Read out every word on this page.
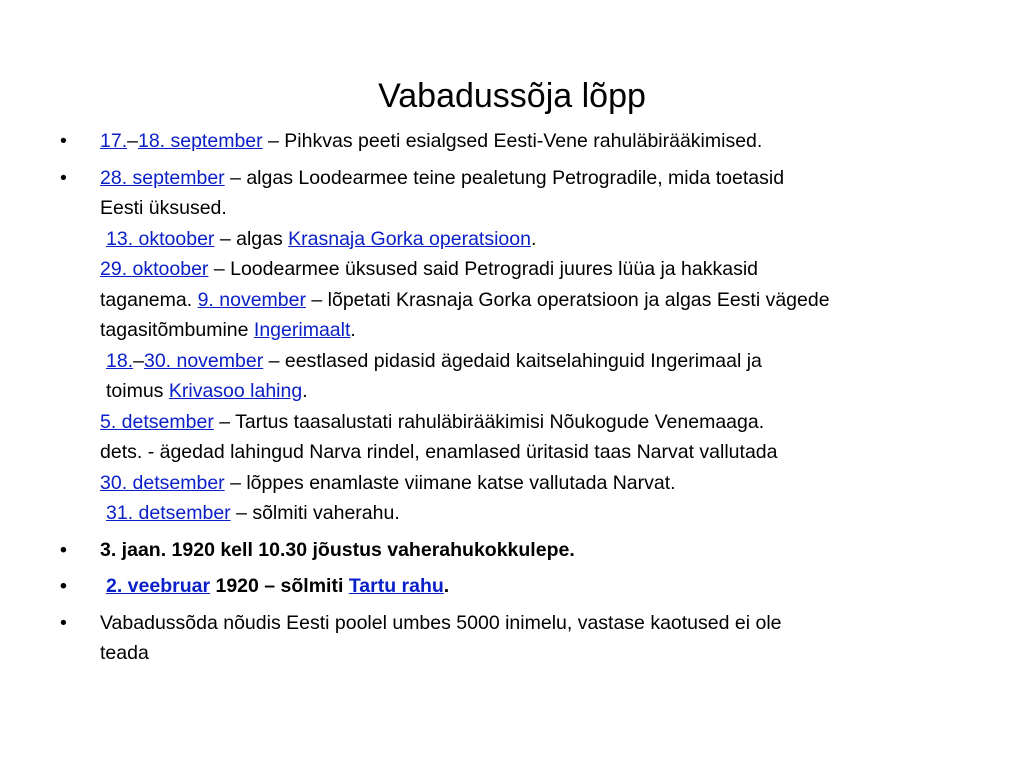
Vabadussõja lõpp
• 17.–18. september – Pihkvas peeti esialgsed Eesti-Vene rahuläbirääkimised.
• 28. september – algas Loodearmee teine pealetung Petrogradile, mida toetasid
Eesti üksused.
13. oktoober – algas Krasnaja Gorka operatsioon.
29. oktoober – Loodearmee üksused said Petrogradi juures lüüa ja hakkasid
taganema. 9. november – lõpetati Krasnaja Gorka operatsioon ja algas Eesti vägede
tagasitõmbumine Ingerimaalt.
18.–30. november – eestlased pidasid ägedaid kaitselahinguid Ingerimaal ja
toimus Krivasoo lahing.
5. detsember – Tartus taasalustati rahuläbirääkimisi Nõukogude Venemaaga.
dets. - ägedad lahingud Narva rindel, enamlased üritasid taas Narvat vallutada
30. detsember – lõppes enamlaste viimane katse vallutada Narvat.
31. detsember – sõlmiti vaherahu.
• 3. jaan. 1920 kell 10.30 jõustus vaherahukokkulepe.
•	2. veebruar 1920 – sõlmiti Tartu rahu.
• Vabadussõda nõudis Eesti poolel umbes 5000 inimelu, vastase kaotused ei ole
teada
